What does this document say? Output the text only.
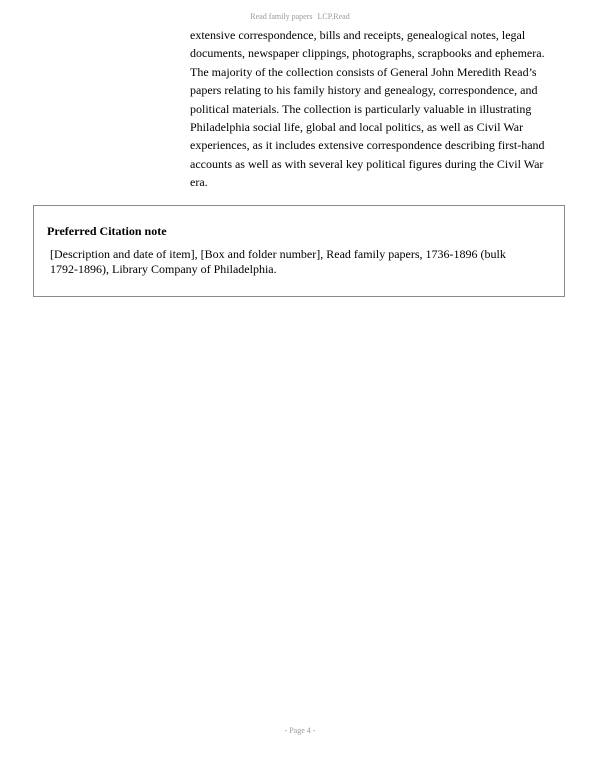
Read family papers LCP.Read

extensive correspondence, bills and receipts, genealogical notes, legal documents, newspaper clippings, photographs, scrapbooks and ephemera. The majority of the collection consists of General John Meredith Read’s papers relating to his family history and genealogy, correspondence, and political materials. The collection is particularly valuable in illustrating Philadelphia social life, global and local politics, as well as Civil War experiences, as it includes extensive correspondence describing first-hand accounts as well as with several key political figures during the Civil War era.

Preferred Citation note

[Description and date of item], [Box and folder number], Read family papers, 1736-1896 (bulk 1792-1896), Library Company of Philadelphia.

- Page 4 -
